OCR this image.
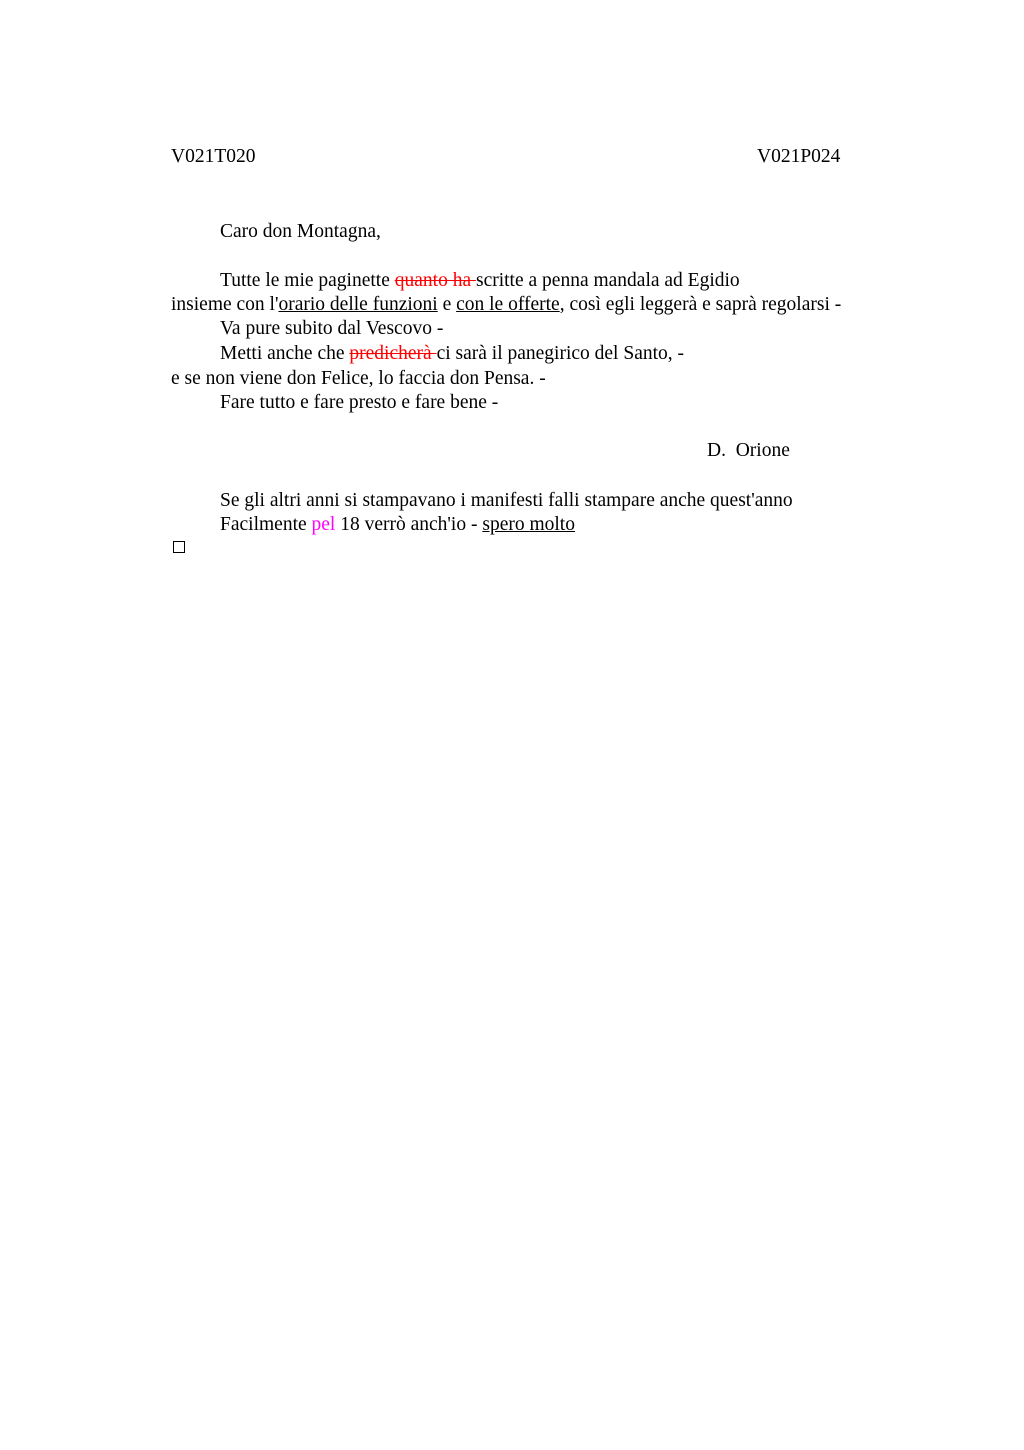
V021T020	V021P024
Caro don Montagna,
Tutte le mie paginette quanto ha scritte a penna mandala ad Egidio
insieme con l'orario delle funzioni e con le offerte, così egli leggerà e saprà regolarsi -
Va pure subito dal Vescovo -
Metti anche che predicherà ci sarà il panegirico del Santo, -
e se non viene don Felice, lo faccia don Pensa. -
Fare tutto e fare presto e fare bene -
D.  Orione
Se gli altri anni si stampavano i manifesti falli stampare anche quest'anno
Facilmente pel 18 verrò anch'io - spero molto
